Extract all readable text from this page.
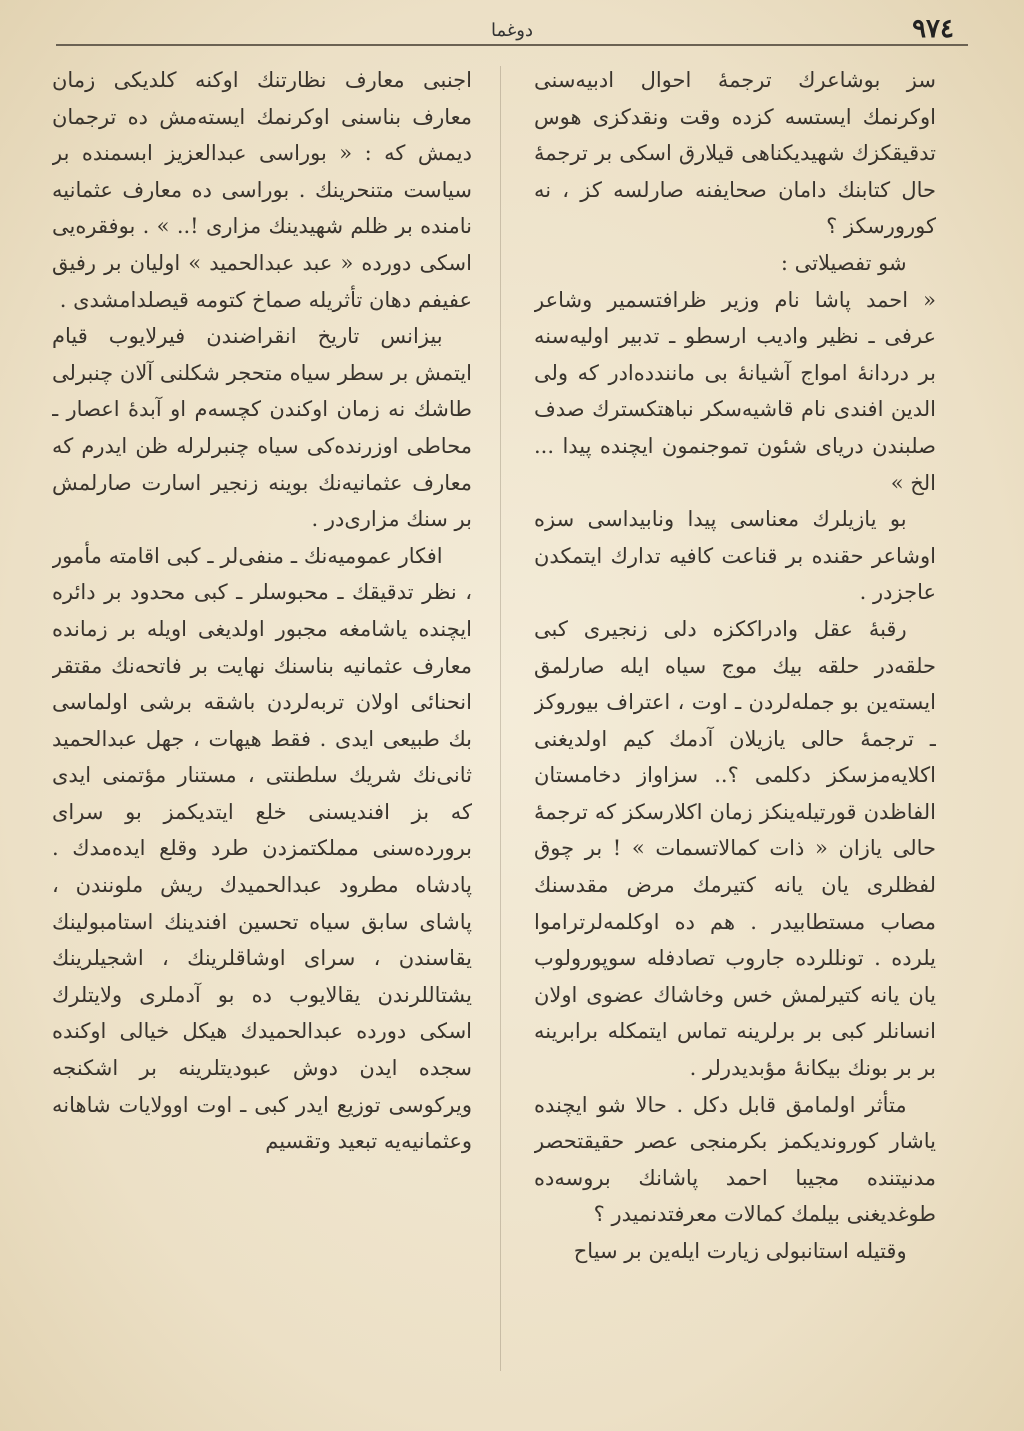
٩٧٤
دوغما

سز بوشاعرك ترجمهٔ احوال ادبیه‌سنی اوكرنمك ایستسه كزده وقت ونقدكزی هوس تدقیقكزك شهیدیكناهی قیلارق اسكی بر ترجمهٔ حال كتابنك دامان صحایفنه صارلسه كز ، نه كورورسكز ؟

شو تفصیلاتی :

« احمد پاشا نام وزیر ظرافتسمیر وشاعر عرفی ـ نظیر وادیب ارسطو ـ تدبیر اولیه‌سنه بر دردانهٔ امواج آشیانهٔ بی مانندده‌ادر كه ولی الدین افندی نام قاشیه‌سكر نباهتكسترك صدف صلبندن دریای شئون تموجنمون ایچنده پیدا ... الخ »

بو یازیلرك معناسی پیدا ونابیداسی سزه اوشاعر حقنده بر قناعت كافیه تدارك ایتمكدن عاجزدر .

رقبهٔ عقل وادراككزه دلی زنجیری كبی حلقه‌در حلقه بیك موج سیاه ایله صارلمق ایسته‌ین بو جمله‌لردن ـ اوت ، اعتراف بیوروكز ـ ترجمهٔ حالی یازیلان آدمك كیم اولدیغنی اكلایه‌مزسكز دكلمی ؟.. سزاواز دخامستان الفاظدن قورتیله‌ینكز زمان اكلارسكز كه ترجمهٔ حالی یازان « ذات كمالاتسمات » ! بر چوق لفظلری یان یانه كتیرمك مرض مقدسنك مصاب مستطابیدر . هم ده اوكلمه‌لرتراموا یلرده . تونللرده جاروب تصادفله سوپورولوب یان یانه كتیرلمش خس وخاشاك عضوی اولان انسانلر كبی بر برلرینه تماس ایتمكله برابرینه بر بر بونك بیكانهٔ مؤبدیدرلر .

متأثر اولمامق قابل دكل . حالا شو ایچنده یاشار كوروندیكمز بكرمنجی عصر حقیقتحصر مدنیتنده مجیبا احمد پاشانك بروسه‌ده طوغدیغنی بیلمك كمالات معرفتدنمیدر ؟

وقتیله استانبولی زیارت ایله‌ین بر سیاح

اجنبی معارف نظارتنك اوكنه كلدیكی زمان معارف بناسنی اوكرنمك ایسته‌مش ده ترجمان دیمش كه : « بوراسی عبدالعزیز ابسمنده بر سیاست متنحرینك . بوراسی ده معارف عثمانیه نامنده بر ظلم شهیدینك مزاری !.. » . بوفقره‌یی اسكی دورده « عبد عبدالحمید » اولیان بر رفیق عفیفم دهان تأثریله صماخ كتومه قیصلدامشدی .

بیزانس تاریخ انقراضندن فیرلایوب قیام ایتمش بر سطر سیاه متحجر شكلنی آلان چنبرلی طاشك نه زمان اوكندن كچسه‌م او آبدهٔ اعصار ـ محاطی اوزرنده‌كی سیاه چنبرلرله ظن ایدرم كه معارف عثمانیه‌نك بوینه زنجیر اسارت صارلمش بر سنك مزاری‌در .

افكار عمومیه‌نك ـ منفی‌لر ـ كبی اقامته مأمور ، نظر تدقیقك ـ محبوسلر ـ كبی محدود بر دائره ایچنده یاشامغه مجبور اولدیغی اویله بر زمانده معارف عثمانیه بناسنك نهایت بر فاتحه‌نك مقتقر انحنائی اولان تربه‌لردن باشقه برشی اولماسی بك طبیعی ایدی . فقط هیهات ، جهل عبدالحمید ثانی‌نك شریك سلطنتی ، مستنار مؤتمنی ایدی كه بز افندیسنی خلع ایتدیكمز بو سرای برورده‌سنی مملكتمزدن طرد وقلع ایده‌مدك . پادشاه مطرود عبدالحمیدك ریش ملونندن ، پاشای سابق سیاه تحسین افندینك استامبولینك یقاسندن ، سرای اوشاقلرینك ، اشجیلرینك یشتاللرندن یقالایوب ده بو آدملری ولایتلرك اسكی دورده عبدالحمیدك هیكل خیالی اوكنده سجده ایدن دوش عبودیتلرینه بر اشكنجه ویركوسی توزیع ایدر كبی ـ اوت اوولایات شاهانه وعثمانیه‌یه تبعید وتقسیم
